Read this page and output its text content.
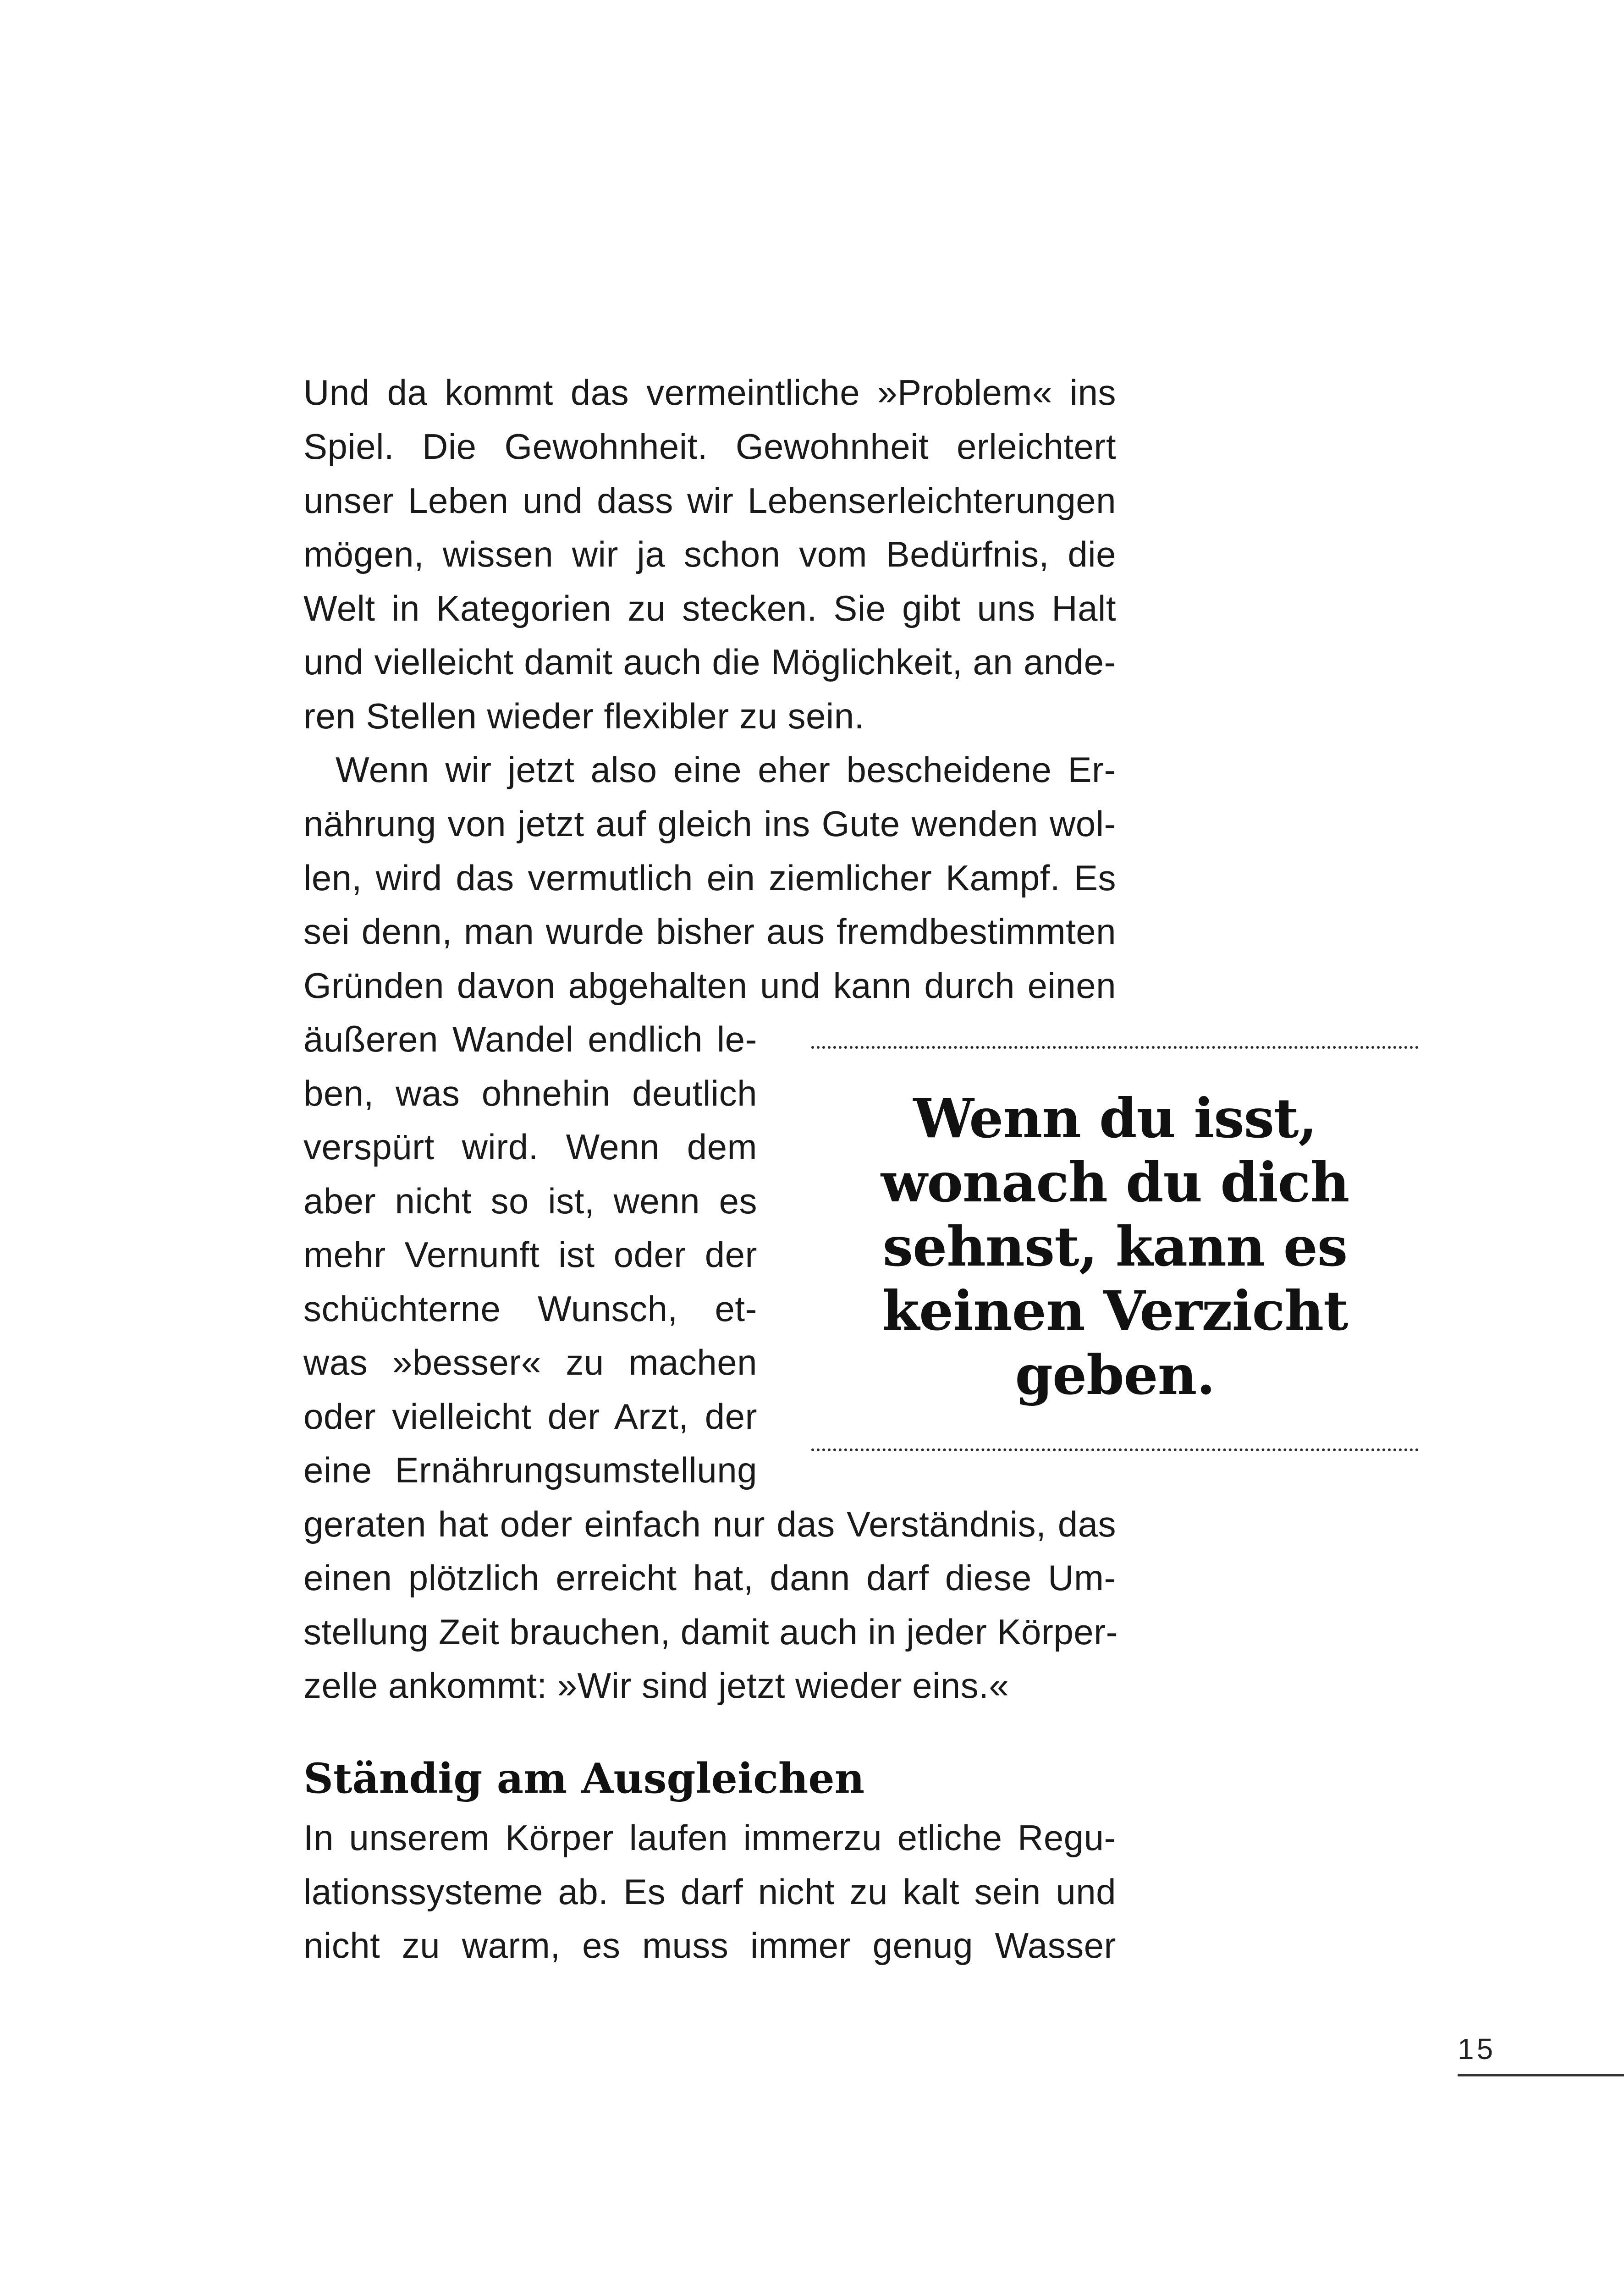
Und da kommt das vermeintliche »Problem« ins
Spiel. Die Gewohnheit. Gewohnheit erleichtert
unser Leben und dass wir Lebenserleichterungen
mögen, wissen wir ja schon vom Bedürfnis, die
Welt in Kategorien zu stecken. Sie gibt uns Halt
und vielleicht damit auch die Möglichkeit, an ande-
ren Stellen wieder flexibler zu sein.
Wenn wir jetzt also eine eher bescheidene Er-
nährung von jetzt auf gleich ins Gute wenden wol-
len, wird das vermutlich ein ziemlicher Kampf. Es
sei denn, man wurde bisher aus fremdbestimmten
Gründen davon abgehalten und kann durch einen
äußeren Wandel endlich le-
ben, was ohnehin deutlich
verspürt wird. Wenn dem
aber nicht so ist, wenn es
mehr Vernunft ist oder der
schüchterne Wunsch, et-
was »besser« zu machen
oder vielleicht der Arzt, der
eine Ernährungsumstellung
Wenn du isst,
wonach du dich
sehnst, kann es
keinen Verzicht
geben.
geraten hat oder einfach nur das Verständnis, das
einen plötzlich erreicht hat, dann darf diese Um-
stellung Zeit brauchen, damit auch in jeder Körper-
zelle ankommt: »Wir sind jetzt wieder eins.«
Ständig am Ausgleichen
In unserem Körper laufen immerzu etliche Regu-
lationssysteme ab. Es darf nicht zu kalt sein und
nicht zu warm, es muss immer genug Wasser
15
